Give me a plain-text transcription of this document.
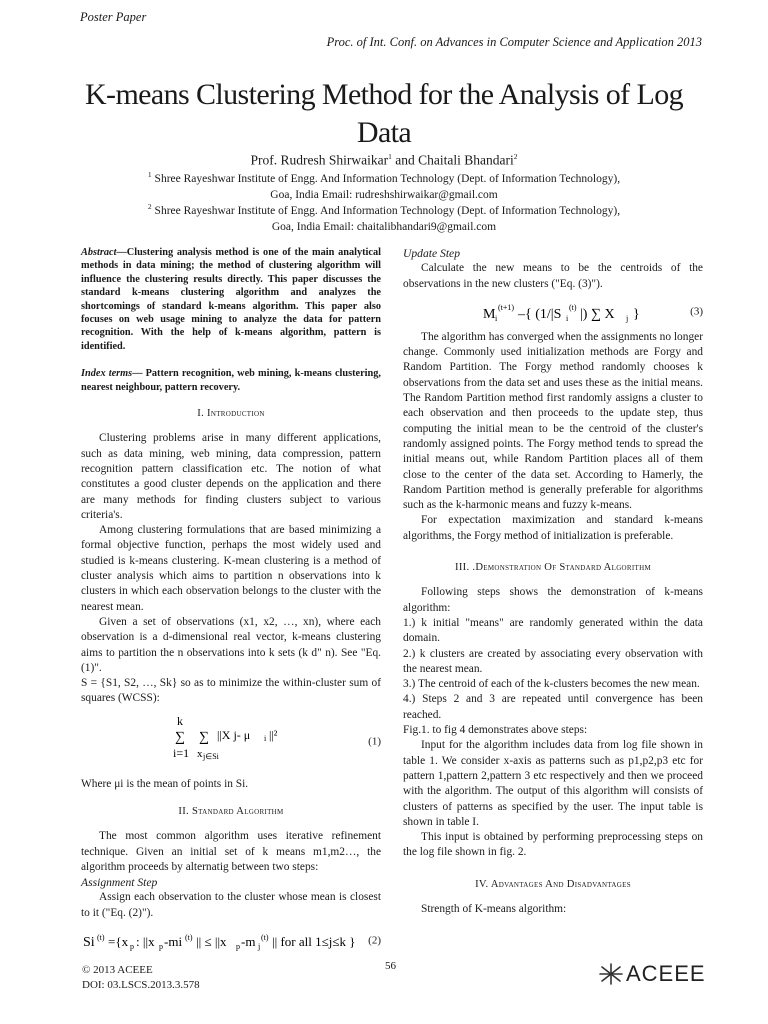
Poster Paper
Proc. of Int. Conf. on Advances in Computer Science and Application 2013
K-means Clustering Method for the Analysis of Log Data
Prof. Rudresh Shirwaikar$^1$ and Chaitali Bhandari$^2$
$^1$ Shree Rayeshwar Institute of Engg. And Information Technology (Dept. of Information Technology),
Goa, India Email: rudreshshirwaikar@gmail.com
$^2$ Shree Rayeshwar Institute of Engg. And Information Technology (Dept. of Information Technology),
Goa, India Email: chaitalibhandari9@gmail.com

Abstract—Clustering analysis method is one of the main analytical methods in data mining; the method of clustering algorithm will influence the clustering results directly. This paper discusses the standard k-means clustering algorithm and analyzes the shortcomings of standard k-means algorithm. This paper also focuses on web usage mining to analyze the data for pattern recognition. With the help of k-means algorithm, pattern is identified.

Index terms— Pattern recognition, web mining, k-means clustering, nearest neighbour, pattern recovery.

I. Introduction

Clustering problems arise in many different applications, such as data mining, web mining, data compression, pattern recognition pattern classification etc. The notion of what constitutes a good cluster depends on the application and there are many methods for finding clusters subject to various criteria's.

Among clustering formulations that are based minimizing a formal objective function, perhaps the most widely used and studied is k-means clustering. K-mean clustering is a method of cluster analysis which aims to partition n observations into k clusters in which each observation belongs to the cluster with the nearest mean.

Given a set of observations (x1, x2, …, xn), where each observation is a d-dimensional real vector, k-means clustering aims to partition the n observations into k sets (k d" n). See "Eq. (1)".

S = {S1, S2, …, Sk} so as to minimize the within-cluster sum of squares (WCSS):

k
∑ ∑ ||X j- μ i ||²
i=1 x j∈Si
(1)

Where μi is the mean of points in Si.

II. Standard Algorithm

The most common algorithm uses iterative refinement technique. Given an initial set of k means m1,m2…, the algorithm proceeds by alternatig between two steps:

Assignment Step

Assign each observation to the cluster whose mean is closest to it ("Eq. (2)").

Si (t) ={x p : ||x p -mi (t) || ≤ ||x p -m j
(t) || for all 1≤j≤k } (2)

Update Step

Calculate the new means to be the centroids of the observations in the new clusters ("Eq. (3)").

M i
(t+1) –{ (1/|S i
(t) |) ∑ X j }	(3)

The algorithm has converged when the assignments no longer change. Commonly used initialization methods are Forgy and Random Partition. The Forgy method randomly chooses k observations from the data set and uses these as the initial means. The Random Partition method first randomly assigns a cluster to each observation and then proceeds to the update step, thus computing the initial mean to be the centroid of the cluster's randomly assigned points. The Forgy method tends to spread the initial means out, while Random Partition places all of them close to the center of the data set. According to Hamerly, the Random Partition method is generally preferable for algorithms such as the k-harmonic means and fuzzy k-means.

For expectation maximization and standard k-means algorithms, the Forgy method of initialization is preferable.

III. .Demonstration Of Standard Algorithm

Following steps shows the demonstration of k-means algorithm:

1.) k initial "means" are randomly generated within the data domain.

2.) k clusters are created by associating every observation with the nearest mean.

3.) The centroid of each of the k-clusters becomes the new mean.

4.) Steps 2 and 3 are repeated until convergence has been reached.

Fig.1. to fig 4 demonstrates above steps:

Input for the algorithm includes data from log file shown in table 1. We consider x-axis as patterns such as p1,p2,p3 etc for pattern 1,pattern 2,pattern 3 etc respectively and then we proceed with the algorithm. The output of this algorithm will consists of clusters of patterns as specified by the user. The input table is shown in table I.

This input is obtained by performing preprocessing steps on the log file shown in fig. 2.

IV. Advantages And Disadvantages

Strength of K-means algorithm:

© 2013 ACEEE
DOI: 03.LSCS.2013.3.578
56	ACEEE
